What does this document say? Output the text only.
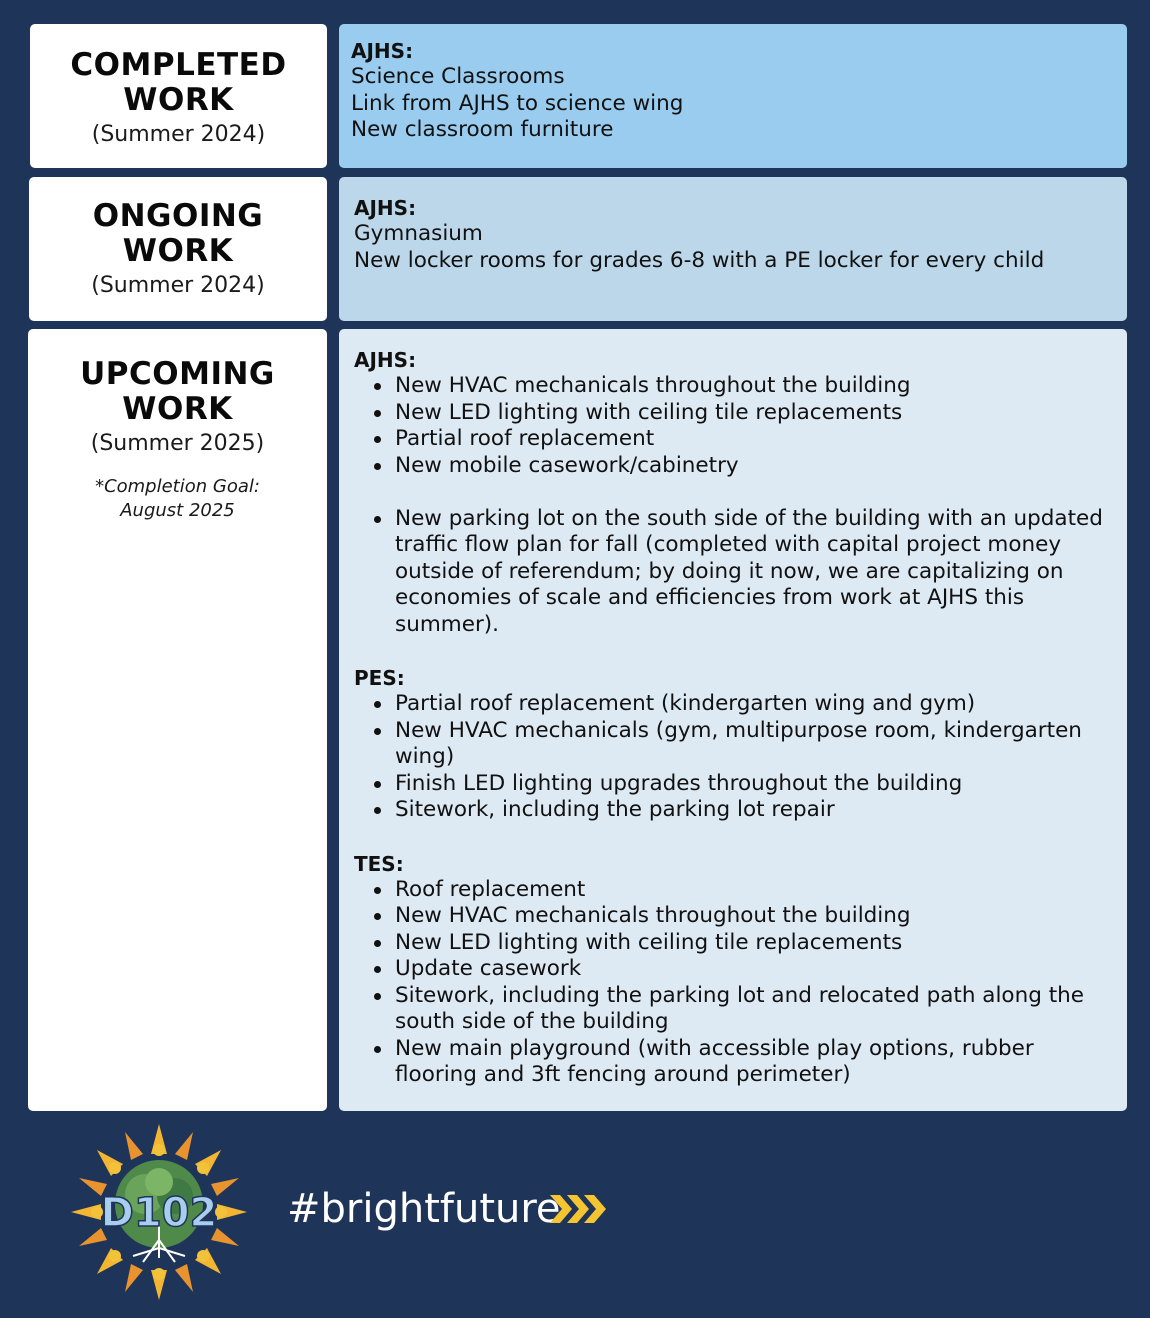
COMPLETED
WORK
(Summer 2024)
AJHS:
Science Classrooms
Link from AJHS to science wing
New classroom furniture
ONGOING
WORK
(Summer 2024)
AJHS:
Gymnasium
New locker rooms for grades 6-8 with a PE locker for every child
UPCOMING
WORK
(Summer 2025)
*Completion Goal:
August 2025
AJHS:
New HVAC mechanicals throughout the building
New LED lighting with ceiling tile replacements
Partial roof replacement
New mobile casework/cabinetry
New parking lot on the south side of the building with an updated traffic flow plan for fall (completed with capital project money outside of referendum; by doing it now, we are capitalizing on economies of scale and efficiencies from work at AJHS this summer).
PES:
Partial roof replacement (kindergarten wing and gym)
New HVAC mechanicals (gym, multipurpose room, kindergarten wing)
Finish LED lighting upgrades throughout the building
Sitework, including the parking lot repair
TES:
Roof replacement
New HVAC mechanicals throughout the building
New LED lighting with ceiling tile replacements
Update casework
Sitework, including the parking lot and relocated path along the south side of the building
New main playground (with accessible play options, rubber flooring and 3ft fencing around perimeter)
D102 #brightfuture
